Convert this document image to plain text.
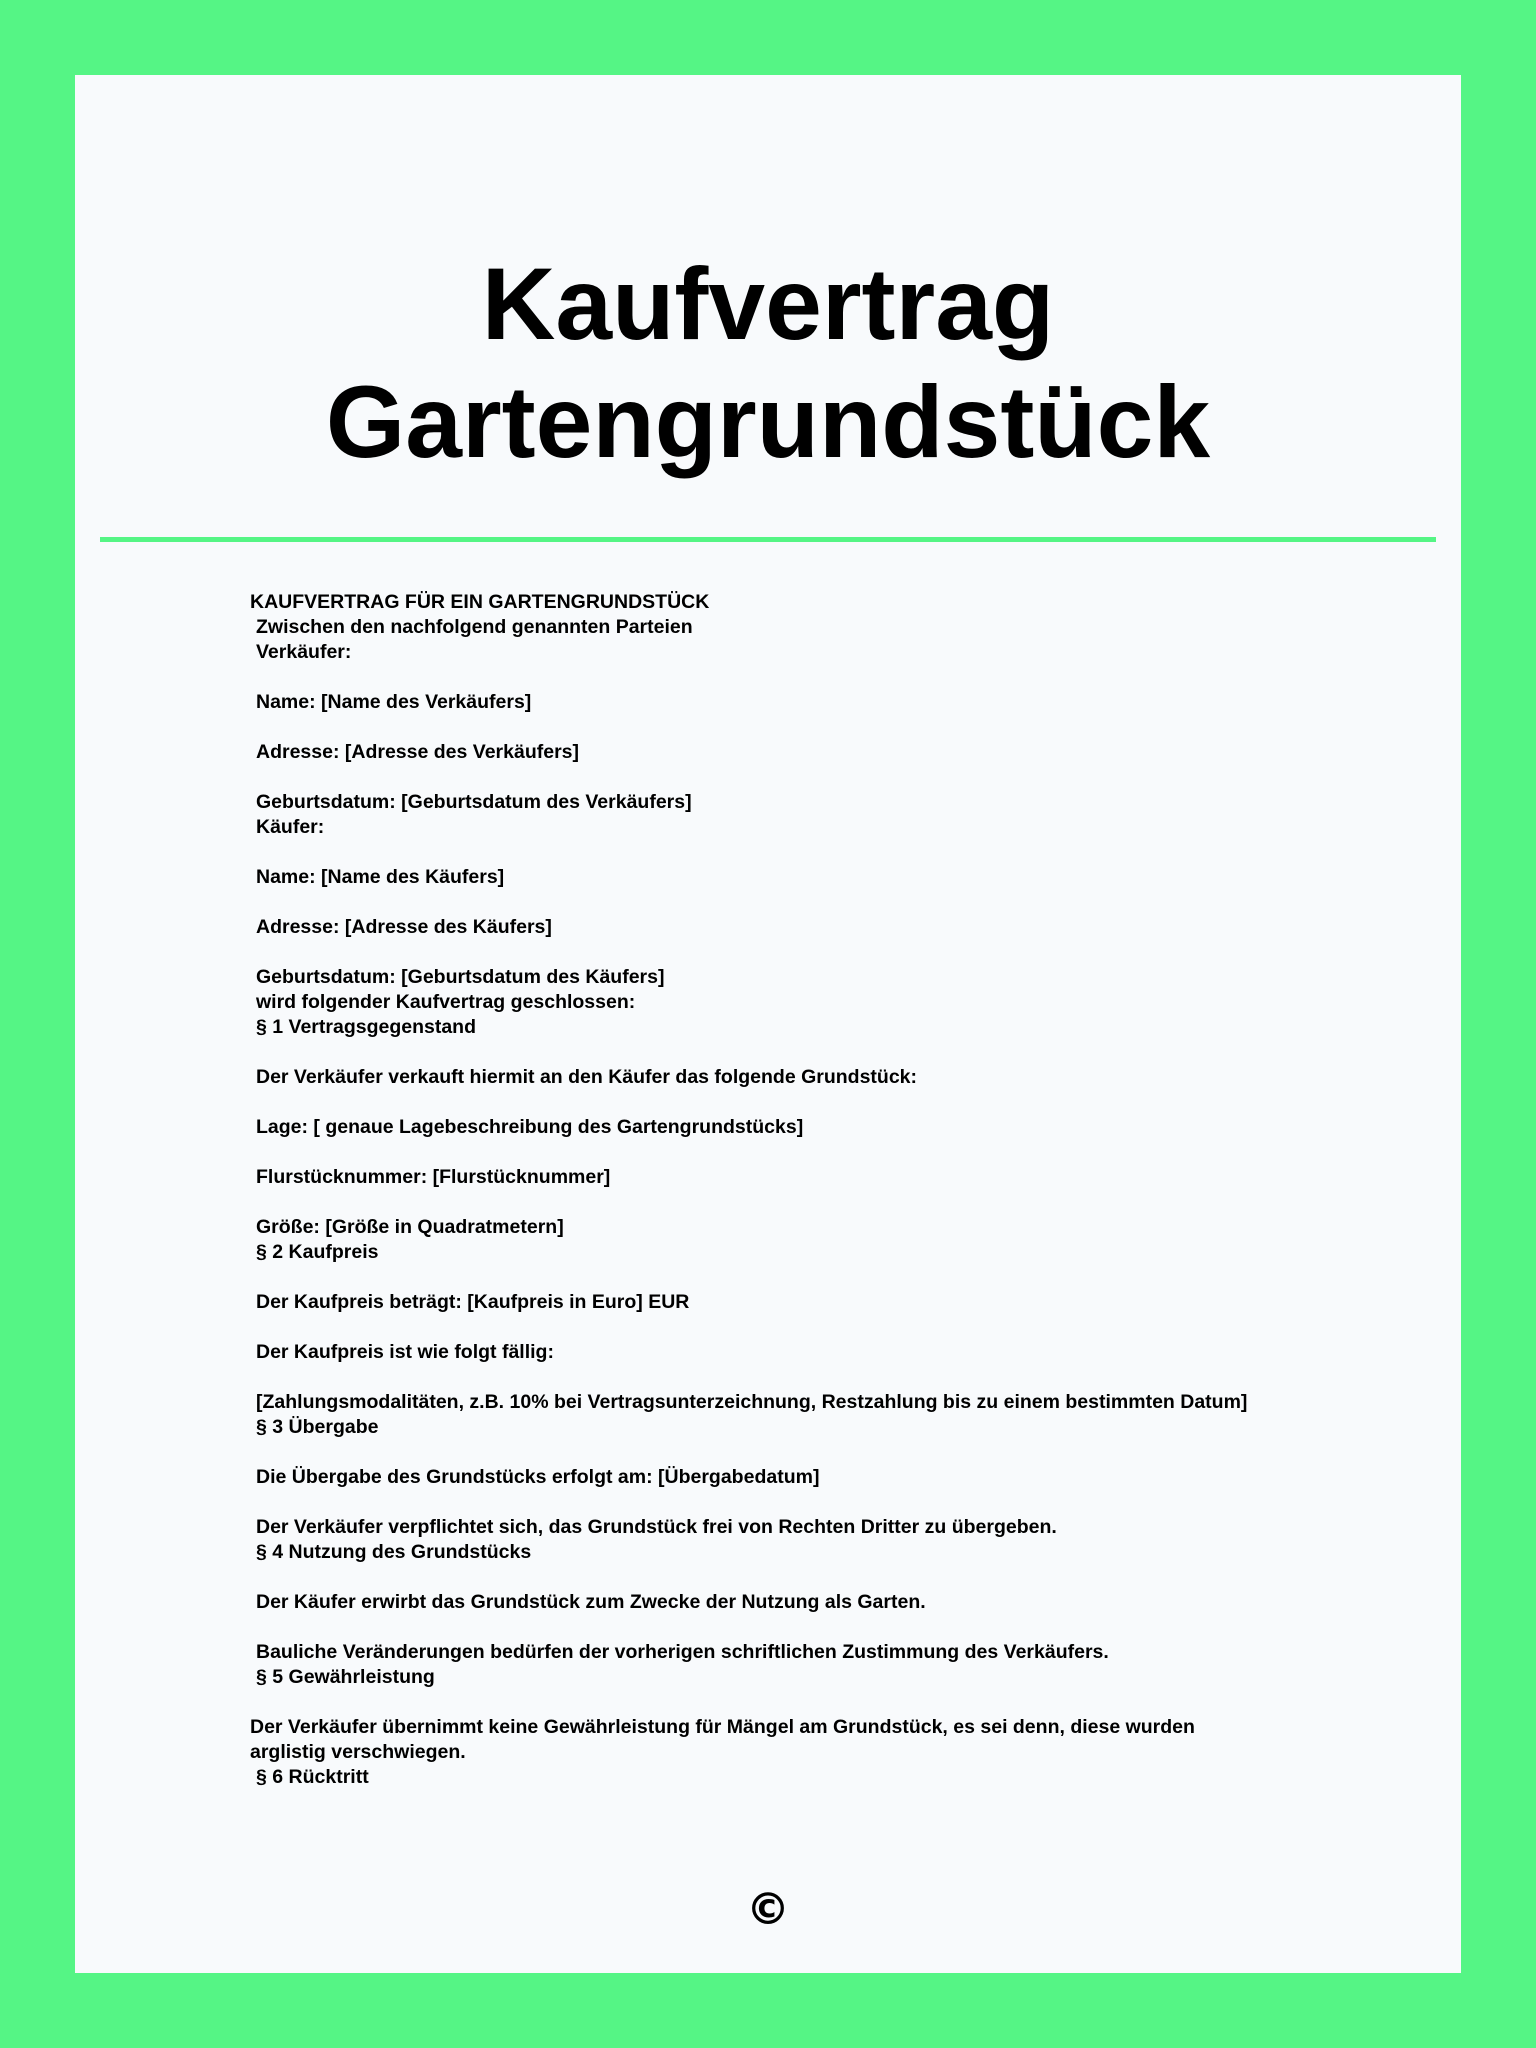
Kaufvertrag
Gartengrundstück
KAUFVERTRAG FÜR EIN GARTENGRUNDSTÜCK
Zwischen den nachfolgend genannten Parteien
Verkäufer:
Name: [Name des Verkäufers]
Adresse: [Adresse des Verkäufers]
Geburtsdatum: [Geburtsdatum des Verkäufers]
Käufer:
Name: [Name des Käufers]
Adresse: [Adresse des Käufers]
Geburtsdatum: [Geburtsdatum des Käufers]
wird folgender Kaufvertrag geschlossen:
§ 1 Vertragsgegenstand
Der Verkäufer verkauft hiermit an den Käufer das folgende Grundstück:
Lage: [ genaue Lagebeschreibung des Gartengrundstücks]
Flurstücknummer: [Flurstücknummer]
Größe: [Größe in Quadratmetern]
§ 2 Kaufpreis
Der Kaufpreis beträgt: [Kaufpreis in Euro] EUR
Der Kaufpreis ist wie folgt fällig:
[Zahlungsmodalitäten, z.B. 10% bei Vertragsunterzeichnung, Restzahlung bis zu einem bestimmten Datum]
§ 3 Übergabe
Die Übergabe des Grundstücks erfolgt am: [Übergabedatum]
Der Verkäufer verpflichtet sich, das Grundstück frei von Rechten Dritter zu übergeben.
§ 4 Nutzung des Grundstücks
Der Käufer erwirbt das Grundstück zum Zwecke der Nutzung als Garten.
Bauliche Veränderungen bedürfen der vorherigen schriftlichen Zustimmung des Verkäufers.
§ 5 Gewährleistung
Der Verkäufer übernimmt keine Gewährleistung für Mängel am Grundstück, es sei denn, diese wurden arglistig verschwiegen.
§ 6 Rücktritt
©
